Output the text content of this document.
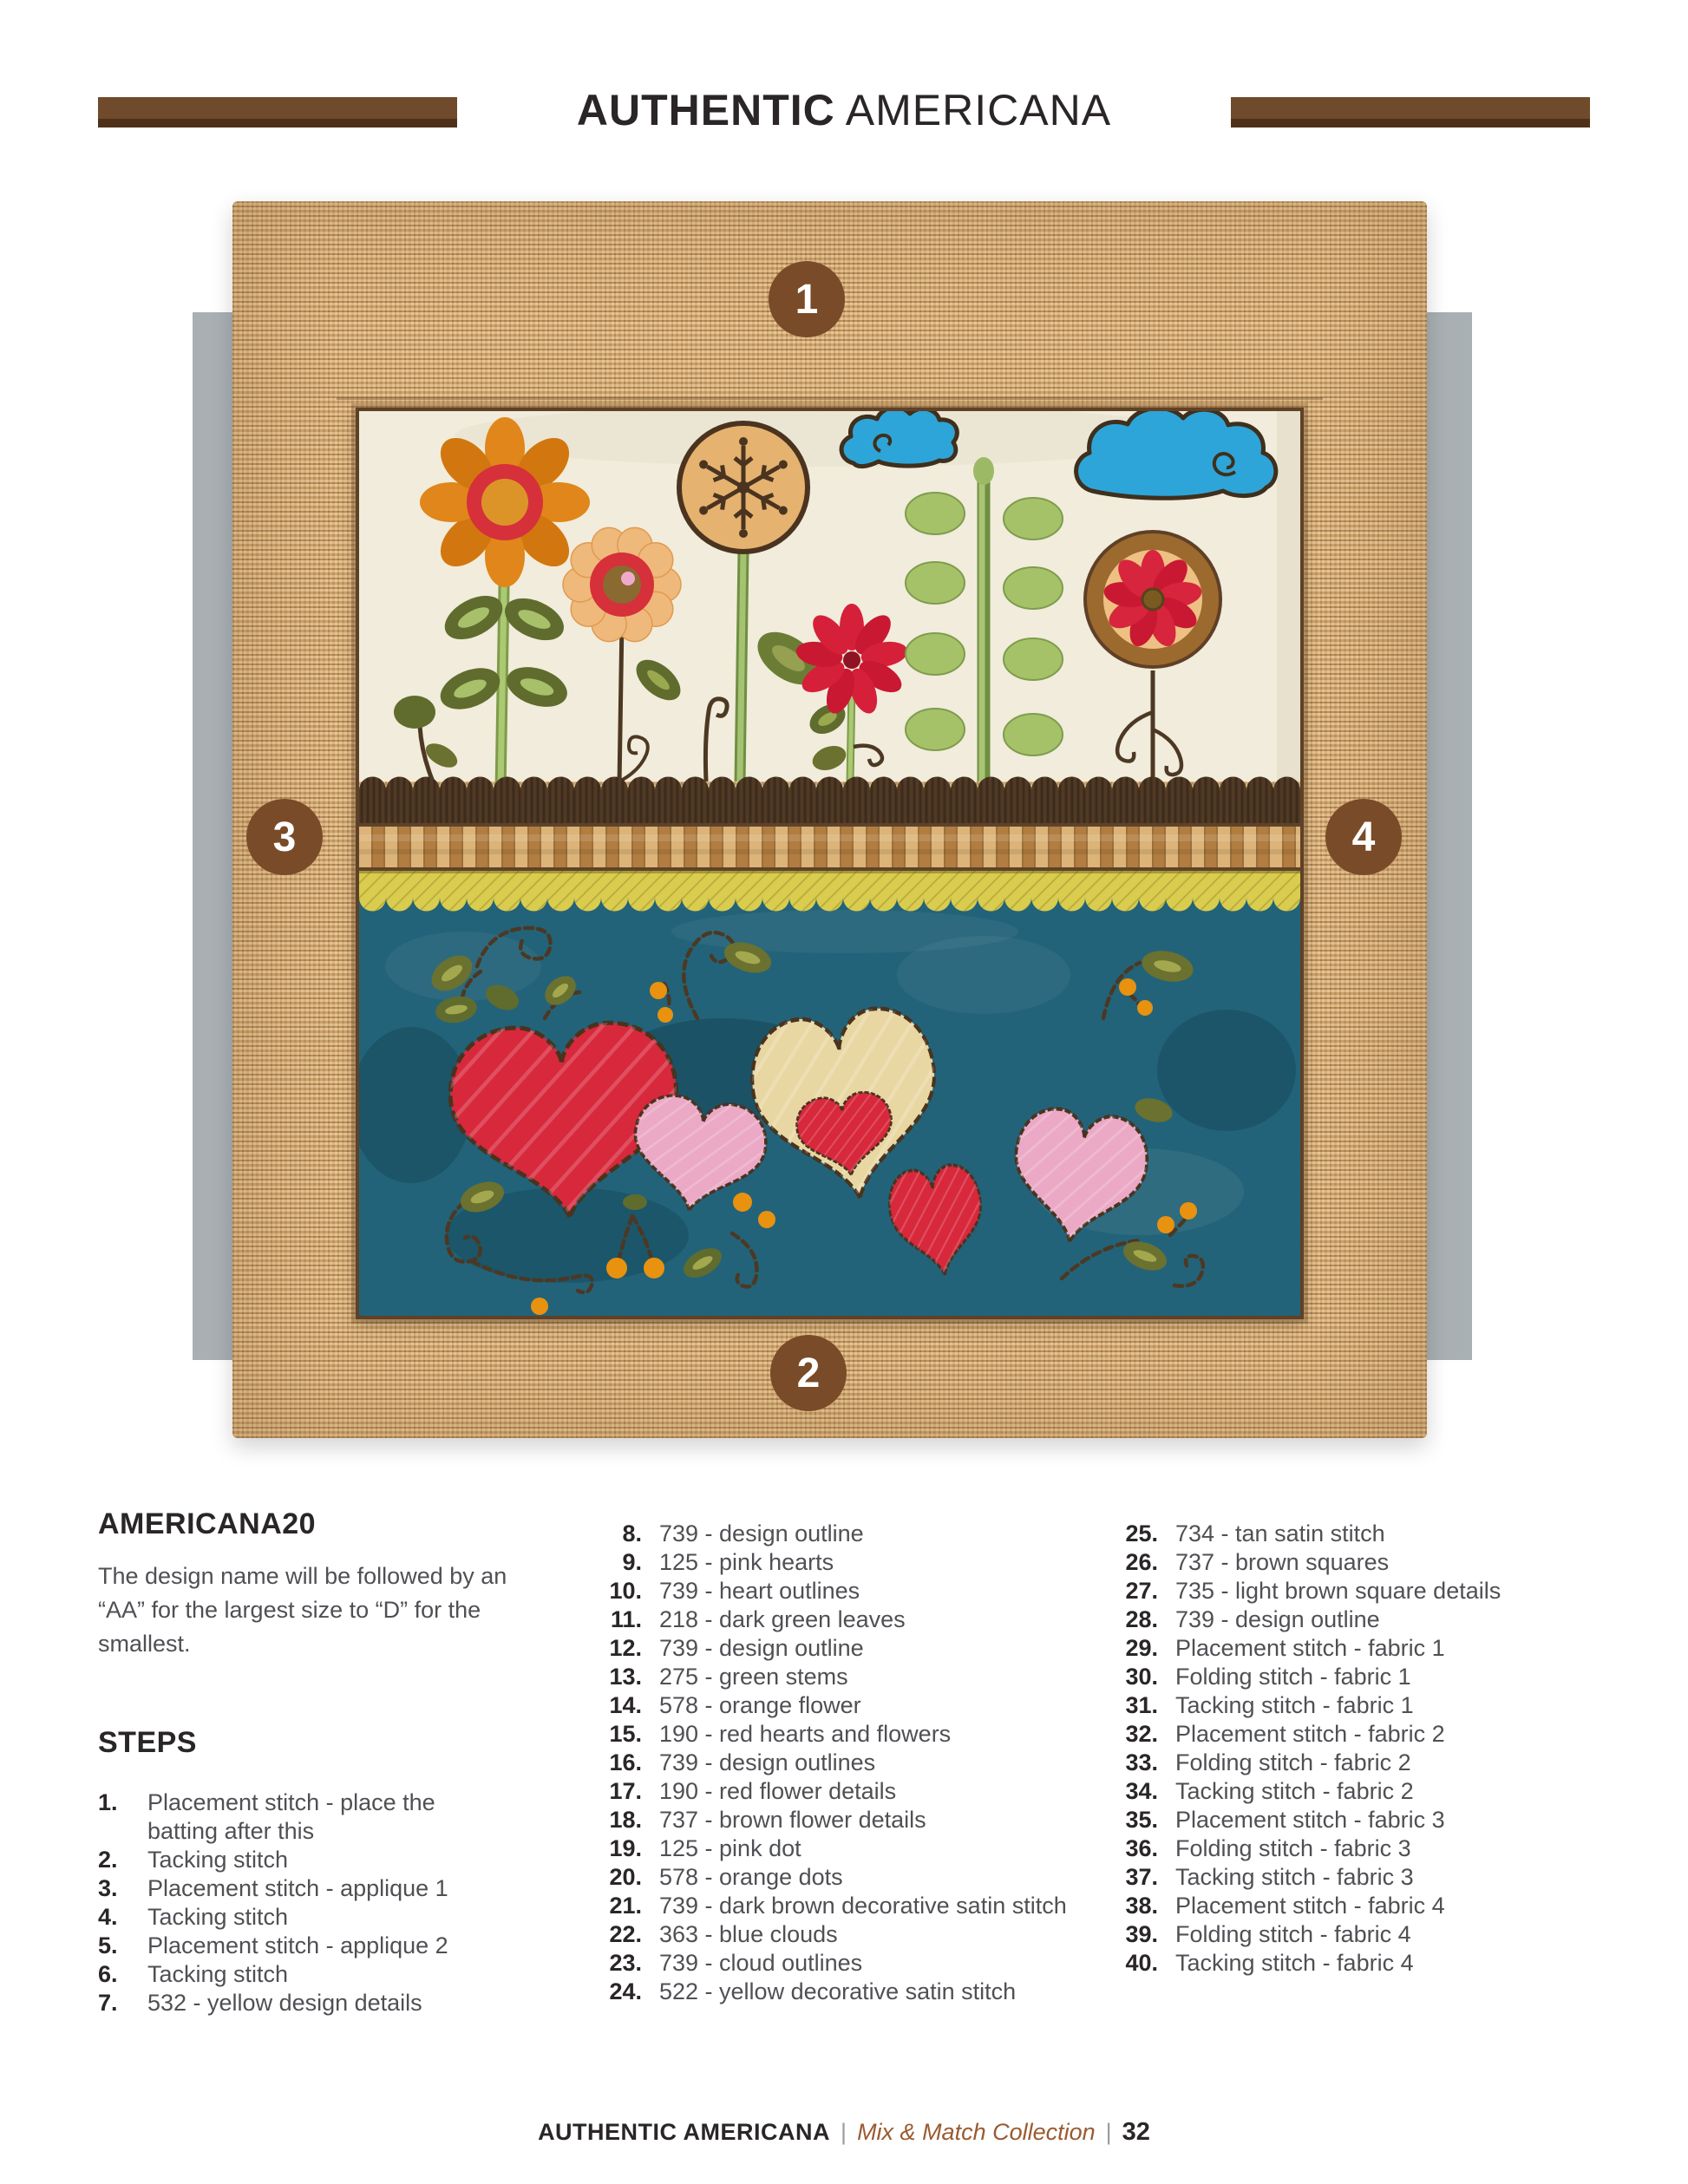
AUTHENTIC AMERICANA
1
2
3	4
AMERICANA20

The design name will be followed by an “AA” for the largest size to “D” for the smallest.

STEPS
1.	Placement stitch - place the batting after this
2.	Tacking stitch
3.	Placement stitch - applique 1
4.	Tacking stitch
5.	Placement stitch - applique 2
6.	Tacking stitch
7.	532 - yellow design details
8. 739 - design outline
9. 125 - pink hearts
10. 739 - heart outlines
11. 218 - dark green leaves
12. 739 - design outline
13. 275 - green stems
14. 578 - orange flower
15. 190 - red hearts and flowers
16. 739 - design outlines
17. 190 - red flower details
18. 737 - brown flower details
19. 125 - pink dot
20. 578 - orange dots
21. 739 - dark brown decorative satin stitch
22. 363 - blue clouds
23. 739 - cloud outlines
24. 522 - yellow decorative satin stitch
25. 734 - tan satin stitch
26. 737 - brown squares
27. 735 - light brown square details
28. 739 - design outline
29. Placement stitch - fabric 1
30. Folding stitch - fabric 1
31. Tacking stitch - fabric 1
32. Placement stitch - fabric 2
33. Folding stitch - fabric 2
34. Tacking stitch - fabric 2
35. Placement stitch - fabric 3
36. Folding stitch - fabric 3
37. Tacking stitch - fabric 3
38. Placement stitch - fabric 4
39. Folding stitch - fabric 4
40. Tacking stitch - fabric 4
AUTHENTIC AMERICANA | Mix & Match Collection | 32
